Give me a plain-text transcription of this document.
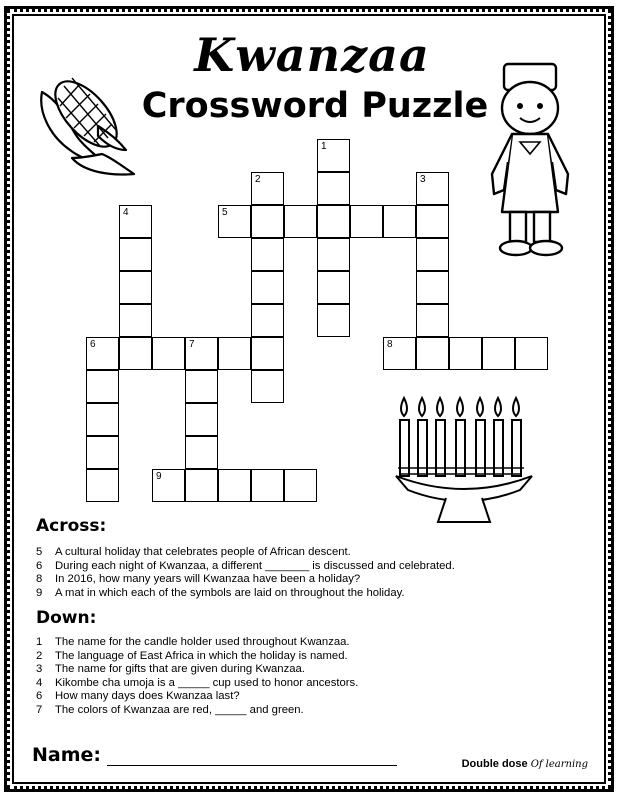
Kwanzaa
Crossword Puzzle
1
2	3
4	5
6	7	8
9
Across:
5 A cultural holiday that celebrates people of African descent.
6 During each night of Kwanzaa, a different _______ is discussed and celebrated.
8 In 2016, how many years will Kwanzaa have been a holiday?
9 A mat in which each of the symbols are laid on throughout the holiday.
Down:
1 The name for the candle holder used throughout Kwanzaa.
2 The language of East Africa in which the holiday is named.
3 The name for gifts that are given during Kwanzaa.
4 Kikombe cha umoja is a _____ cup used to honor ancestors.
6 How many days does Kwanzaa last?
7 The colors of Kwanzaa are red, _____ and green.
Name:	Double dose Of learning
